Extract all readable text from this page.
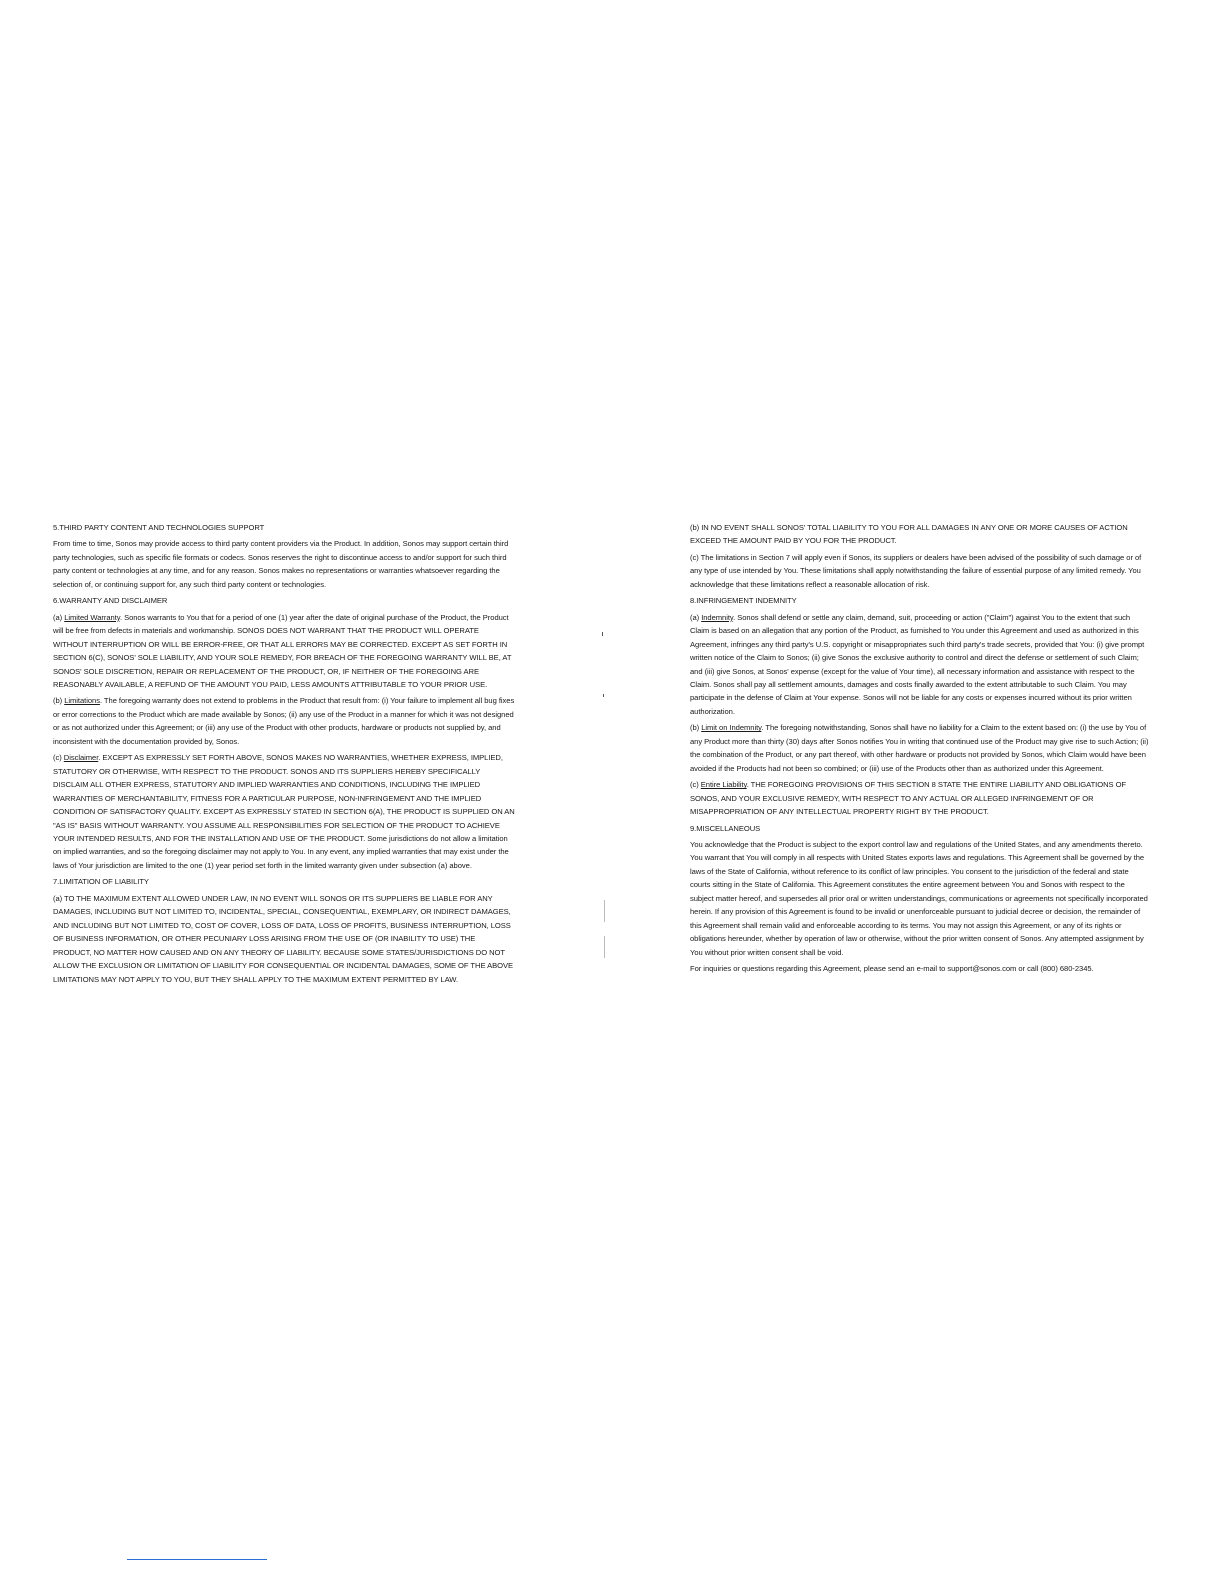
5.THIRD PARTY CONTENT AND TECHNOLOGIES SUPPORT

From time to time, Sonos may provide access to third party content providers via the Product. In addition, Sonos may support certain third party technologies, such as specific file formats or codecs. Sonos reserves the right to discontinue access to and/or support for such third party content or technologies at any time, and for any reason. Sonos makes no representations or warranties whatsoever regarding the selection of, or continuing support for, any such third party content or technologies.

6.WARRANTY AND DISCLAIMER

(a) Limited Warranty. Sonos warrants to You that for a period of one (1) year after the date of original purchase of the Product, the Product will be free from defects in materials and workmanship. SONOS DOES NOT WARRANT THAT THE PRODUCT WILL OPERATE WITHOUT INTERRUPTION OR WILL BE ERROR-FREE, OR THAT ALL ERRORS MAY BE CORRECTED. EXCEPT AS SET FORTH IN SECTION 6(C), SONOS' SOLE LIABILITY, AND YOUR SOLE REMEDY, FOR BREACH OF THE FOREGOING WARRANTY WILL BE, AT SONOS' SOLE DISCRETION, REPAIR OR REPLACEMENT OF THE PRODUCT, OR, IF NEITHER OF THE FOREGOING ARE REASONABLY AVAILABLE, A REFUND OF THE AMOUNT YOU PAID, LESS AMOUNTS ATTRIBUTABLE TO YOUR PRIOR USE.

(b) Limitations. The foregoing warranty does not extend to problems in the Product that result from: (i) Your failure to implement all bug fixes or error corrections to the Product which are made available by Sonos; (ii) any use of the Product in a manner for which it was not designed or as not authorized under this Agreement; or (iii) any use of the Product with other products, hardware or products not supplied by, and inconsistent with the documentation provided by, Sonos.

(c) Disclaimer. EXCEPT AS EXPRESSLY SET FORTH ABOVE, SONOS MAKES NO WARRANTIES, WHETHER EXPRESS, IMPLIED, STATUTORY OR OTHERWISE, WITH RESPECT TO THE PRODUCT. SONOS AND ITS SUPPLIERS HEREBY SPECIFICALLY DISCLAIM ALL OTHER EXPRESS, STATUTORY AND IMPLIED WARRANTIES AND CONDITIONS, INCLUDING THE IMPLIED WARRANTIES OF MERCHANTABILITY, FITNESS FOR A PARTICULAR PURPOSE, NON-INFRINGEMENT AND THE IMPLIED CONDITION OF SATISFACTORY QUALITY. EXCEPT AS EXPRESSLY STATED IN SECTION 6(A), THE PRODUCT IS SUPPLIED ON AN "AS IS" BASIS WITHOUT WARRANTY. YOU ASSUME ALL RESPONSIBILITIES FOR SELECTION OF THE PRODUCT TO ACHIEVE YOUR INTENDED RESULTS, AND FOR THE INSTALLATION AND USE OF THE PRODUCT. Some jurisdictions do not allow a limitation on implied warranties, and so the foregoing disclaimer may not apply to You. In any event, any implied warranties that may exist under the laws of Your jurisdiction are limited to the one (1) year period set forth in the limited warranty given under subsection (a) above.

7.LIMITATION OF LIABILITY

(a) TO THE MAXIMUM EXTENT ALLOWED UNDER LAW, IN NO EVENT WILL SONOS OR ITS SUPPLIERS BE LIABLE FOR ANY DAMAGES, INCLUDING BUT NOT LIMITED TO, INCIDENTAL, SPECIAL, CONSEQUENTIAL, EXEMPLARY, OR INDIRECT DAMAGES, AND INCLUDING BUT NOT LIMITED TO, COST OF COVER, LOSS OF DATA, LOSS OF PROFITS, BUSINESS INTERRUPTION, LOSS OF BUSINESS INFORMATION, OR OTHER PECUNIARY LOSS ARISING FROM THE USE OF (OR INABILITY TO USE) THE PRODUCT, NO MATTER HOW CAUSED AND ON ANY THEORY OF LIABILITY. BECAUSE SOME STATES/JURISDICTIONS DO NOT ALLOW THE EXCLUSION OR LIMITATION OF LIABILITY FOR CONSEQUENTIAL OR INCIDENTAL DAMAGES, SOME OF THE ABOVE LIMITATIONS MAY NOT APPLY TO YOU, BUT THEY SHALL APPLY TO THE MAXIMUM EXTENT PERMITTED BY LAW.

(b) IN NO EVENT SHALL SONOS' TOTAL LIABILITY TO YOU FOR ALL DAMAGES IN ANY ONE OR MORE CAUSES OF ACTION EXCEED THE AMOUNT PAID BY YOU FOR THE PRODUCT.

(c) The limitations in Section 7 will apply even if Sonos, its suppliers or dealers have been advised of the possibility of such damage or of any type of use intended by You. These limitations shall apply notwithstanding the failure of essential purpose of any limited remedy. You acknowledge that these limitations reflect a reasonable allocation of risk.

8.INFRINGEMENT INDEMNITY

(a) Indemnity. Sonos shall defend or settle any claim, demand, suit, proceeding or action ("Claim") against You to the extent that such Claim is based on an allegation that any portion of the Product, as furnished to You under this Agreement and used as authorized in this Agreement, infringes any third party's U.S. copyright or misappropriates such third party's trade secrets, provided that You: (i) give prompt written notice of the Claim to Sonos; (ii) give Sonos the exclusive authority to control and direct the defense or settlement of such Claim; and (iii) give Sonos, at Sonos' expense (except for the value of Your time), all necessary information and assistance with respect to the Claim. Sonos shall pay all settlement amounts, damages and costs finally awarded to the extent attributable to such Claim. You may participate in the defense of Claim at Your expense. Sonos will not be liable for any costs or expenses incurred without its prior written authorization.

(b) Limit on Indemnity. The foregoing notwithstanding, Sonos shall have no liability for a Claim to the extent based on: (i) the use by You of any Product more than thirty (30) days after Sonos notifies You in writing that continued use of the Product may give rise to such Action; (ii) the combination of the Product, or any part thereof, with other hardware or products not provided by Sonos, which Claim would have been avoided if the Products had not been so combined; or (iii) use of the Products other than as authorized under this Agreement.

(c) Entire Liability. THE FOREGOING PROVISIONS OF THIS SECTION 8 STATE THE ENTIRE LIABILITY AND OBLIGATIONS OF SONOS, AND YOUR EXCLUSIVE REMEDY, WITH RESPECT TO ANY ACTUAL OR ALLEGED INFRINGEMENT OF OR MISAPPROPRIATION OF ANY INTELLECTUAL PROPERTY RIGHT BY THE PRODUCT.

9.MISCELLANEOUS

You acknowledge that the Product is subject to the export control law and regulations of the United States, and any amendments thereto. You warrant that You will comply in all respects with United States exports laws and regulations. This Agreement shall be governed by the laws of the State of California, without reference to its conflict of law principles. You consent to the jurisdiction of the federal and state courts sitting in the State of California. This Agreement constitutes the entire agreement between You and Sonos with respect to the subject matter hereof, and supersedes all prior oral or written understandings, communications or agreements not specifically incorporated herein. If any provision of this Agreement is found to be invalid or unenforceable pursuant to judicial decree or decision, the remainder of this Agreement shall remain valid and enforceable according to its terms. You may not assign this Agreement, or any of its rights or obligations hereunder, whether by operation of law or otherwise, without the prior written consent of Sonos. Any attempted assignment by You without prior written consent shall be void.

For inquiries or questions regarding this Agreement, please send an e-mail to support@sonos.com or call (800) 680-2345.
